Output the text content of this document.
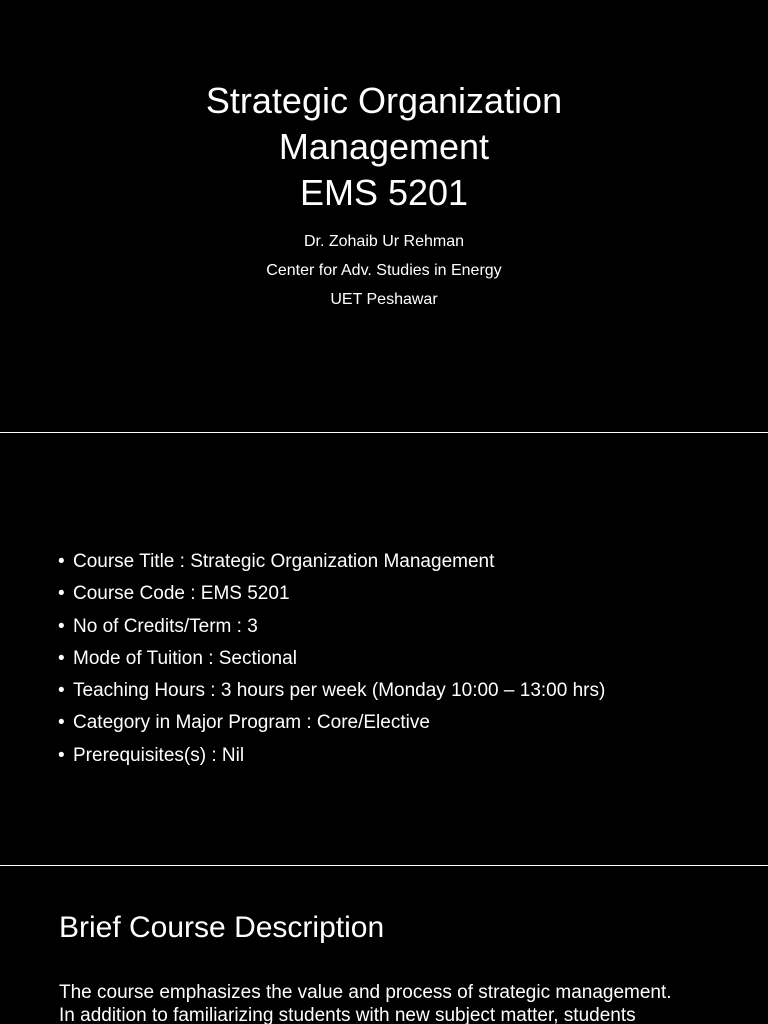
Strategic Organization
Management
EMS 5201
Dr. Zohaib Ur Rehman
Center for Adv. Studies in Energy
UET Peshawar
• Course Title : Strategic Organization Management
• Course Code : EMS 5201
• No of Credits/Term : 3
• Mode of Tuition : Sectional
• Teaching Hours : 3 hours per week (Monday 10:00 – 13:00 hrs)
• Category in Major Program : Core/Elective
• Prerequisites(s) : Nil
Brief Course Description

The course emphasizes the value and process of strategic management.
In addition to familiarizing students with new subject matter, students
